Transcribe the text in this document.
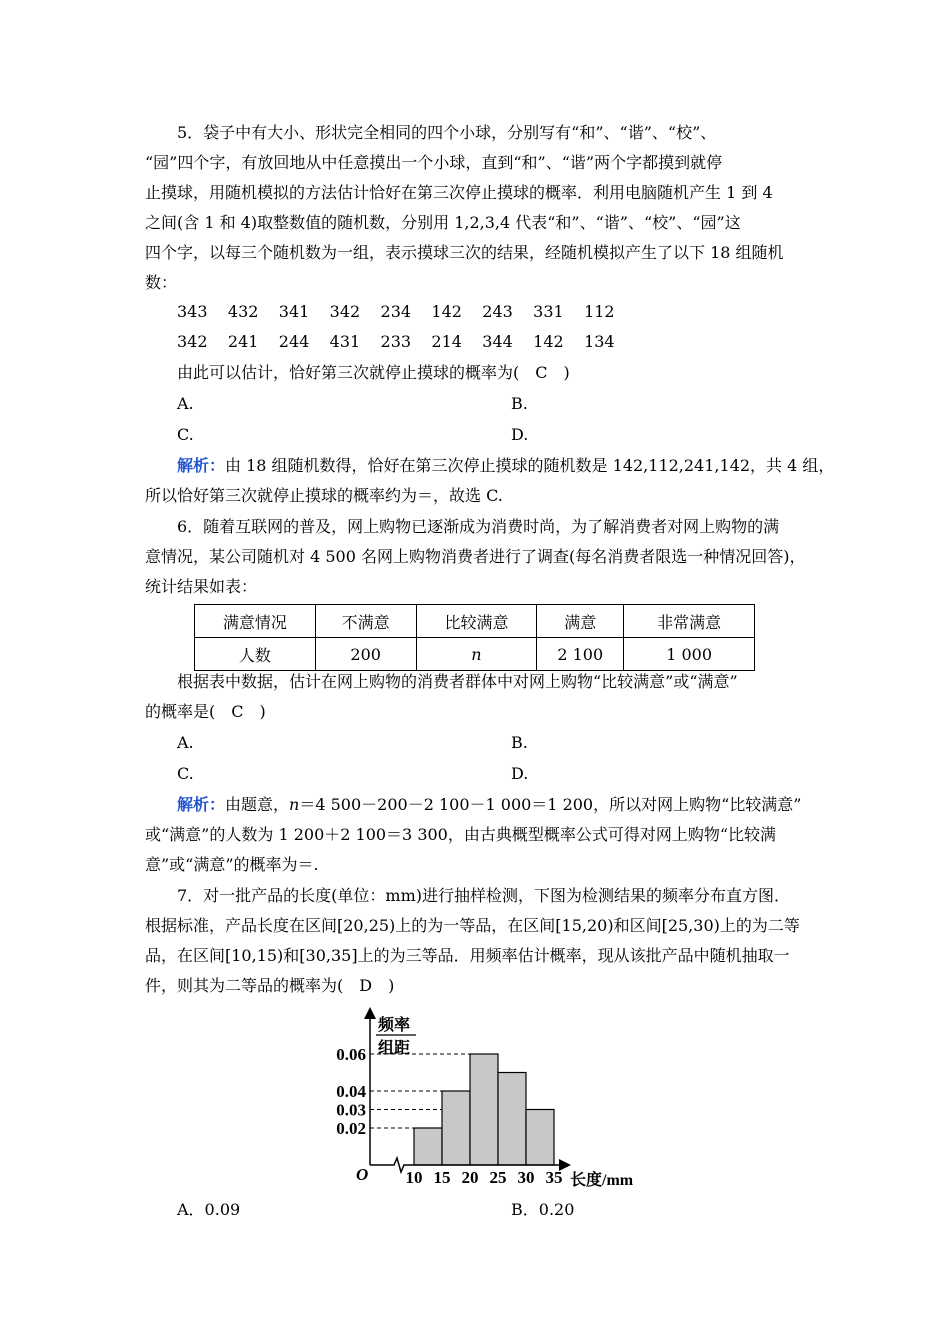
5．袋子中有大小、形状完全相同的四个小球，分别写有“和”、“谐”、“校”、
“园”四个字，有放回地从中任意摸出一个小球，直到“和”、“谐”两个字都摸到就停
止摸球，用随机模拟的方法估计恰好在第三次停止摸球的概率．利用电脑随机产生 1 到 4
之间(含 1 和 4)取整数值的随机数，分别用 1,2,3,4 代表“和”、“谐”、“校”、“园”这
四个字，以每三个随机数为一组，表示摸球三次的结果，经随机模拟产生了以下 18 组随机
数：
343    432    341    342    234    142    243    331    112
342    241    244    431    233    214    344    142    134
由此可以估计，恰好第三次就停止摸球的概率为(　C　)
A.	B.
C.	D.
解析：由 18 组随机数得，恰好在第三次停止摸球的随机数是 142,112,241,142，共 4 组，
所以恰好第三次就停止摸球的概率约为＝，故选 C.
6．随着互联网的普及，网上购物已逐渐成为消费时尚，为了解消费者对网上购物的满
意情况，某公司随机对 4 500 名网上购物消费者进行了调查(每名消费者限选一种情况回答)，
统计结果如表：
满意情况	不满意	比较满意	满意	非常满意
人数	200	n	2 100	1 000
根据表中数据，估计在网上购物的消费者群体中对网上购物“比较满意”或“满意”
的概率是(　C　)
A.	B.
C.	D.
解析：由题意，n＝4 500－200－2 100－1 000＝1 200，所以对网上购物“比较满意”
或“满意”的人数为 1 200＋2 100＝3 300，由古典概型概率公式可得对网上购物“比较满
意”或“满意”的概率为＝.
7．对一批产品的长度(单位：mm)进行抽样检测，下图为检测结果的频率分布直方图．
根据标准，产品长度在区间[20,25)上的为一等品，在区间[15,20)和区间[25,30)上的为二等
品，在区间[10,15)和[30,35]上的为三等品．用频率估计概率，现从该批产品中随机抽取一
件，则其为二等品的概率为(　D　)
频率
组距
O	长度/mm
0.06
0.04
0.03
0.02
10 15 20 25 30 35
A．0.09	B．0.20
